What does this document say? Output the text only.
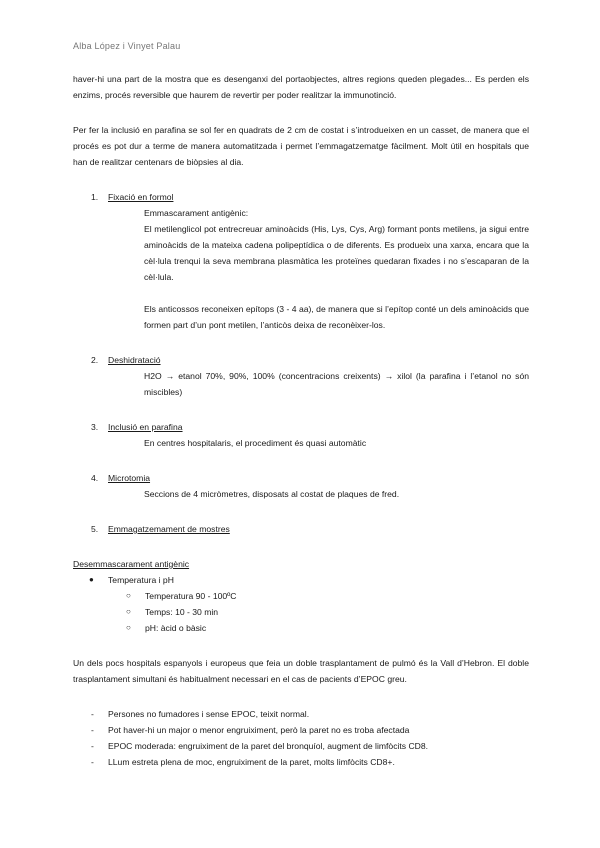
Alba López i Vinyet Palau

haver-hi una part de la mostra que es desenganxi del portaobjectes, altres regions queden plegades... Es perden els enzims, procés reversible que haurem de revertir per poder realitzar la immunotinció.

Per fer la inclusió en parafina se sol fer en quadrats de 2 cm de costat i s’introdueixen en un casset, de manera que el procés es pot dur a terme de manera automatitzada i permet l’emmagatzematge fàcilment. Molt útil en hospitals que han de realitzar centenars de biòpsies al dia.

1.	Fixació en formol

Emmascarament antigènic:

El metilenglicol pot entrecreuar aminoàcids (His, Lys, Cys, Arg) formant ponts metilens, ja sigui entre aminoàcids de la mateixa cadena polipeptídica o de diferents. Es produeix una xarxa, encara que la cèl·lula trenqui la seva membrana plasmàtica les proteïnes quedaran fixades i no s’escaparan de la cèl·lula.

Els anticossos reconeixen epítops (3 - 4 aa), de manera que si l’epítop conté un dels aminoàcids que formen part d’un pont metilen, l’anticòs deixa de reconèixer-los.

2.	Deshidratació

H2O → etanol 70%, 90%, 100% (concentracions creixents) → xilol (la parafina i l’etanol no són miscibles)

3.	Inclusió en parafina

En centres hospitalaris, el procediment és quasi automàtic

4.	Microtomia

Seccions de 4 micròmetres, disposats al costat de plaques de fred.

5.	Emmagatzemament de mostres
Desemmascarament antigènic
●	Temperatura i pH
○	Temperatura 90 - 100ºC
○	Temps: 10 - 30 min
○	pH: àcid o bàsic

Un dels pocs hospitals espanyols i europeus que feia un doble trasplantament de pulmó és la Vall d’Hebron. El doble trasplantament simultani és habitualment necessari en el cas de pacients d’EPOC greu.

-	Persones no fumadores i sense EPOC, teixit normal.
-	Pot haver-hi un major o menor engruiximent, però la paret no es troba afectada
-	EPOC moderada: engruiximent de la paret del bronquíol, augment de limfòcits CD8.
-	LLum estreta plena de moc, engruiximent de la paret, molts limfòcits CD8+.
